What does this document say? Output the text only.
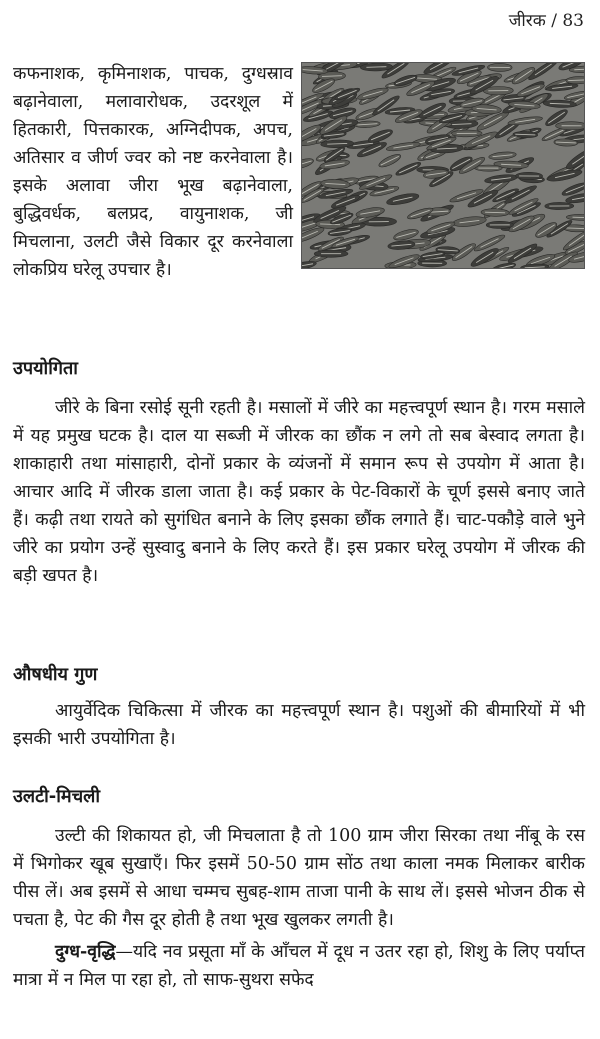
जीरक / 83

कफनाशक, कृमिनाशक, पाचक, दुग्धस्राव बढ़ानेवाला, मलावारोधक, उदरशूल में हितकारी, पित्तकारक, अग्निदीपक, अपच, अतिसार व जीर्ण ज्वर को नष्ट करनेवाला है। इसके अलावा जीरा भूख बढ़ानेवाला, बुद्धिवर्धक, बलप्रद, वायुनाशक, जी मिचलाना, उलटी जैसे विकार दूर करनेवाला लोकप्रिय घरेलू उपचार है।

उपयोगिता

जीरे के बिना रसोई सूनी रहती है। मसालों में जीरे का महत्त्वपूर्ण स्थान है। गरम मसाले में यह प्रमुख घटक है। दाल या सब्जी में जीरक का छौंक न लगे तो सब बेस्वाद लगता है। शाकाहारी तथा मांसाहारी, दोनों प्रकार के व्यंजनों में समान रूप से उपयोग में आता है। आचार आदि में जीरक डाला जाता है। कई प्रकार के पेट-विकारों के चूर्ण इससे बनाए जाते हैं। कढ़ी तथा रायते को सुगंधित बनाने के लिए इसका छौंक लगाते हैं। चाट-पकौड़े वाले भुने जीरे का प्रयोग उन्हें सुस्वादु बनाने के लिए करते हैं। इस प्रकार घरेलू उपयोग में जीरक की बड़ी खपत है।

औषधीय गुण

आयुर्वेदिक चिकित्सा में जीरक का महत्त्वपूर्ण स्थान है। पशुओं की बीमारियों में भी इसकी भारी उपयोगिता है।

उलटी-मिचली

उल्टी की शिकायत हो, जी मिचलाता है तो 100 ग्राम जीरा सिरका तथा नींबू के रस में भिगोकर खूब सुखाएँ। फिर इसमें 50-50 ग्राम सोंठ तथा काला नमक मिलाकर बारीक पीस लें। अब इसमें से आधा चम्मच सुबह-शाम ताजा पानी के साथ लें। इससे भोजन ठीक से पचता है, पेट की गैस दूर होती है तथा भूख खुलकर लगती है।

दुग्ध-वृद्धि—यदि नव प्रसूता माँ के आँचल में दूध न उतर रहा हो, शिशु के लिए पर्याप्त मात्रा में न मिल पा रहा हो, तो साफ-सुथरा सफेद
